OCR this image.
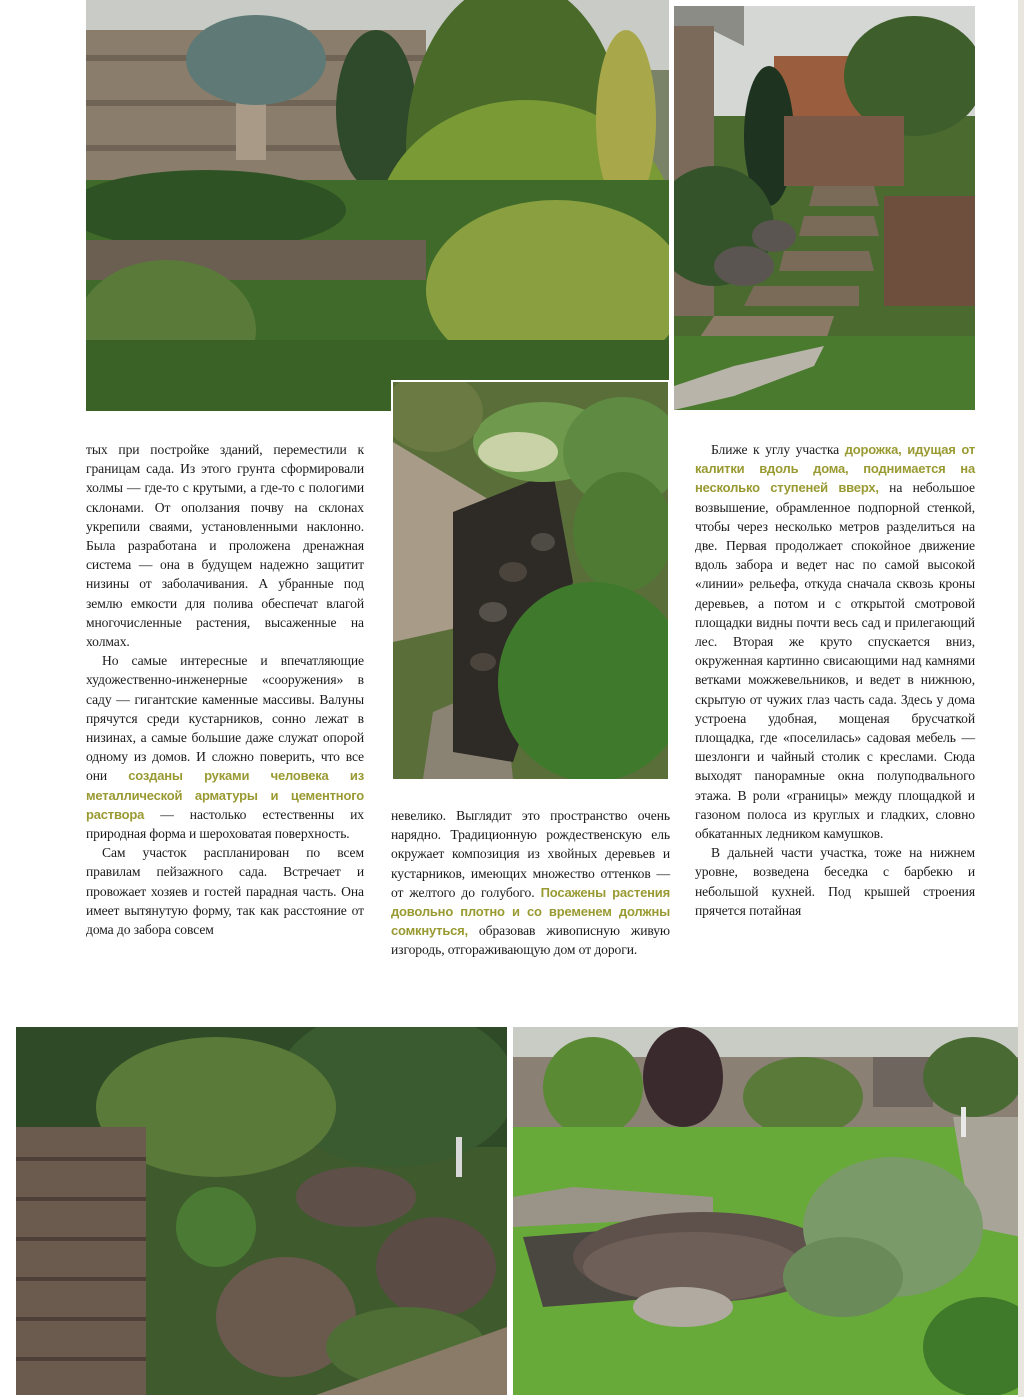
тых при постройке зданий, переместили к границам сада. Из этого грунта сформировали холмы — где-то с крутыми, а где-то с пологими склонами. От оползания почву на склонах укрепили сваями, установленными наклонно. Была разработана и проложена дренажная система — она в будущем надежно защитит низины от заболачивания. А убранные под землю емкости для полива обеспечат влагой многочисленные растения, высаженные на холмах.

Но самые интересные и впечатляющие художественно-инженерные «сооружения» в саду — гигантские каменные массивы. Валуны прячутся среди кустарников, сонно лежат в низинах, а самые большие даже служат опорой одному из домов. И сложно поверить, что все они созданы руками человека из металлической арматуры и цементного раствора — настолько естественны их природная форма и шероховатая поверхность.

Сам участок распланирован по всем правилам пейзажного сада. Встречает и провожает хозяев и гостей парадная часть. Она имеет вытянутую форму, так как расстояние от дома до забора совсем

невелико. Выглядит это пространство очень нарядно. Традиционную рождественскую ель окружает композиция из хвойных деревьев и кустарников, имеющих множество оттенков — от желтого до голубого. Посажены растения довольно плотно и со временем должны сомкнуться, образовав живописную живую изгородь, отгораживающую дом от дороги.

Ближе к углу участка дорожка, идущая от калитки вдоль дома, поднимается на несколько ступеней вверх, на небольшое возвышение, обрамленное подпорной стенкой, чтобы через несколько метров разделиться на две. Первая продолжает спокойное движение вдоль забора и ведет нас по самой высокой «линии» рельефа, откуда сначала сквозь кроны деревьев, а потом и с открытой смотровой площадки видны почти весь сад и прилегающий лес. Вторая же круто спускается вниз, окруженная картинно свисающими над камнями ветками можжевельников, и ведет в нижнюю, скрытую от чужих глаз часть сада. Здесь у дома устроена удобная, мощеная брусчаткой площадка, где «поселилась» садовая мебель — шезлонги и чайный столик с креслами. Сюда выходят панорамные окна полуподвального этажа. В роли «границы» между площадкой и газоном полоса из круглых и гладких, словно обкатанных ледником камушков.

В дальней части участка, тоже на нижнем уровне, возведена беседка с барбекю и небольшой кухней. Под крышей строения прячется потайная
